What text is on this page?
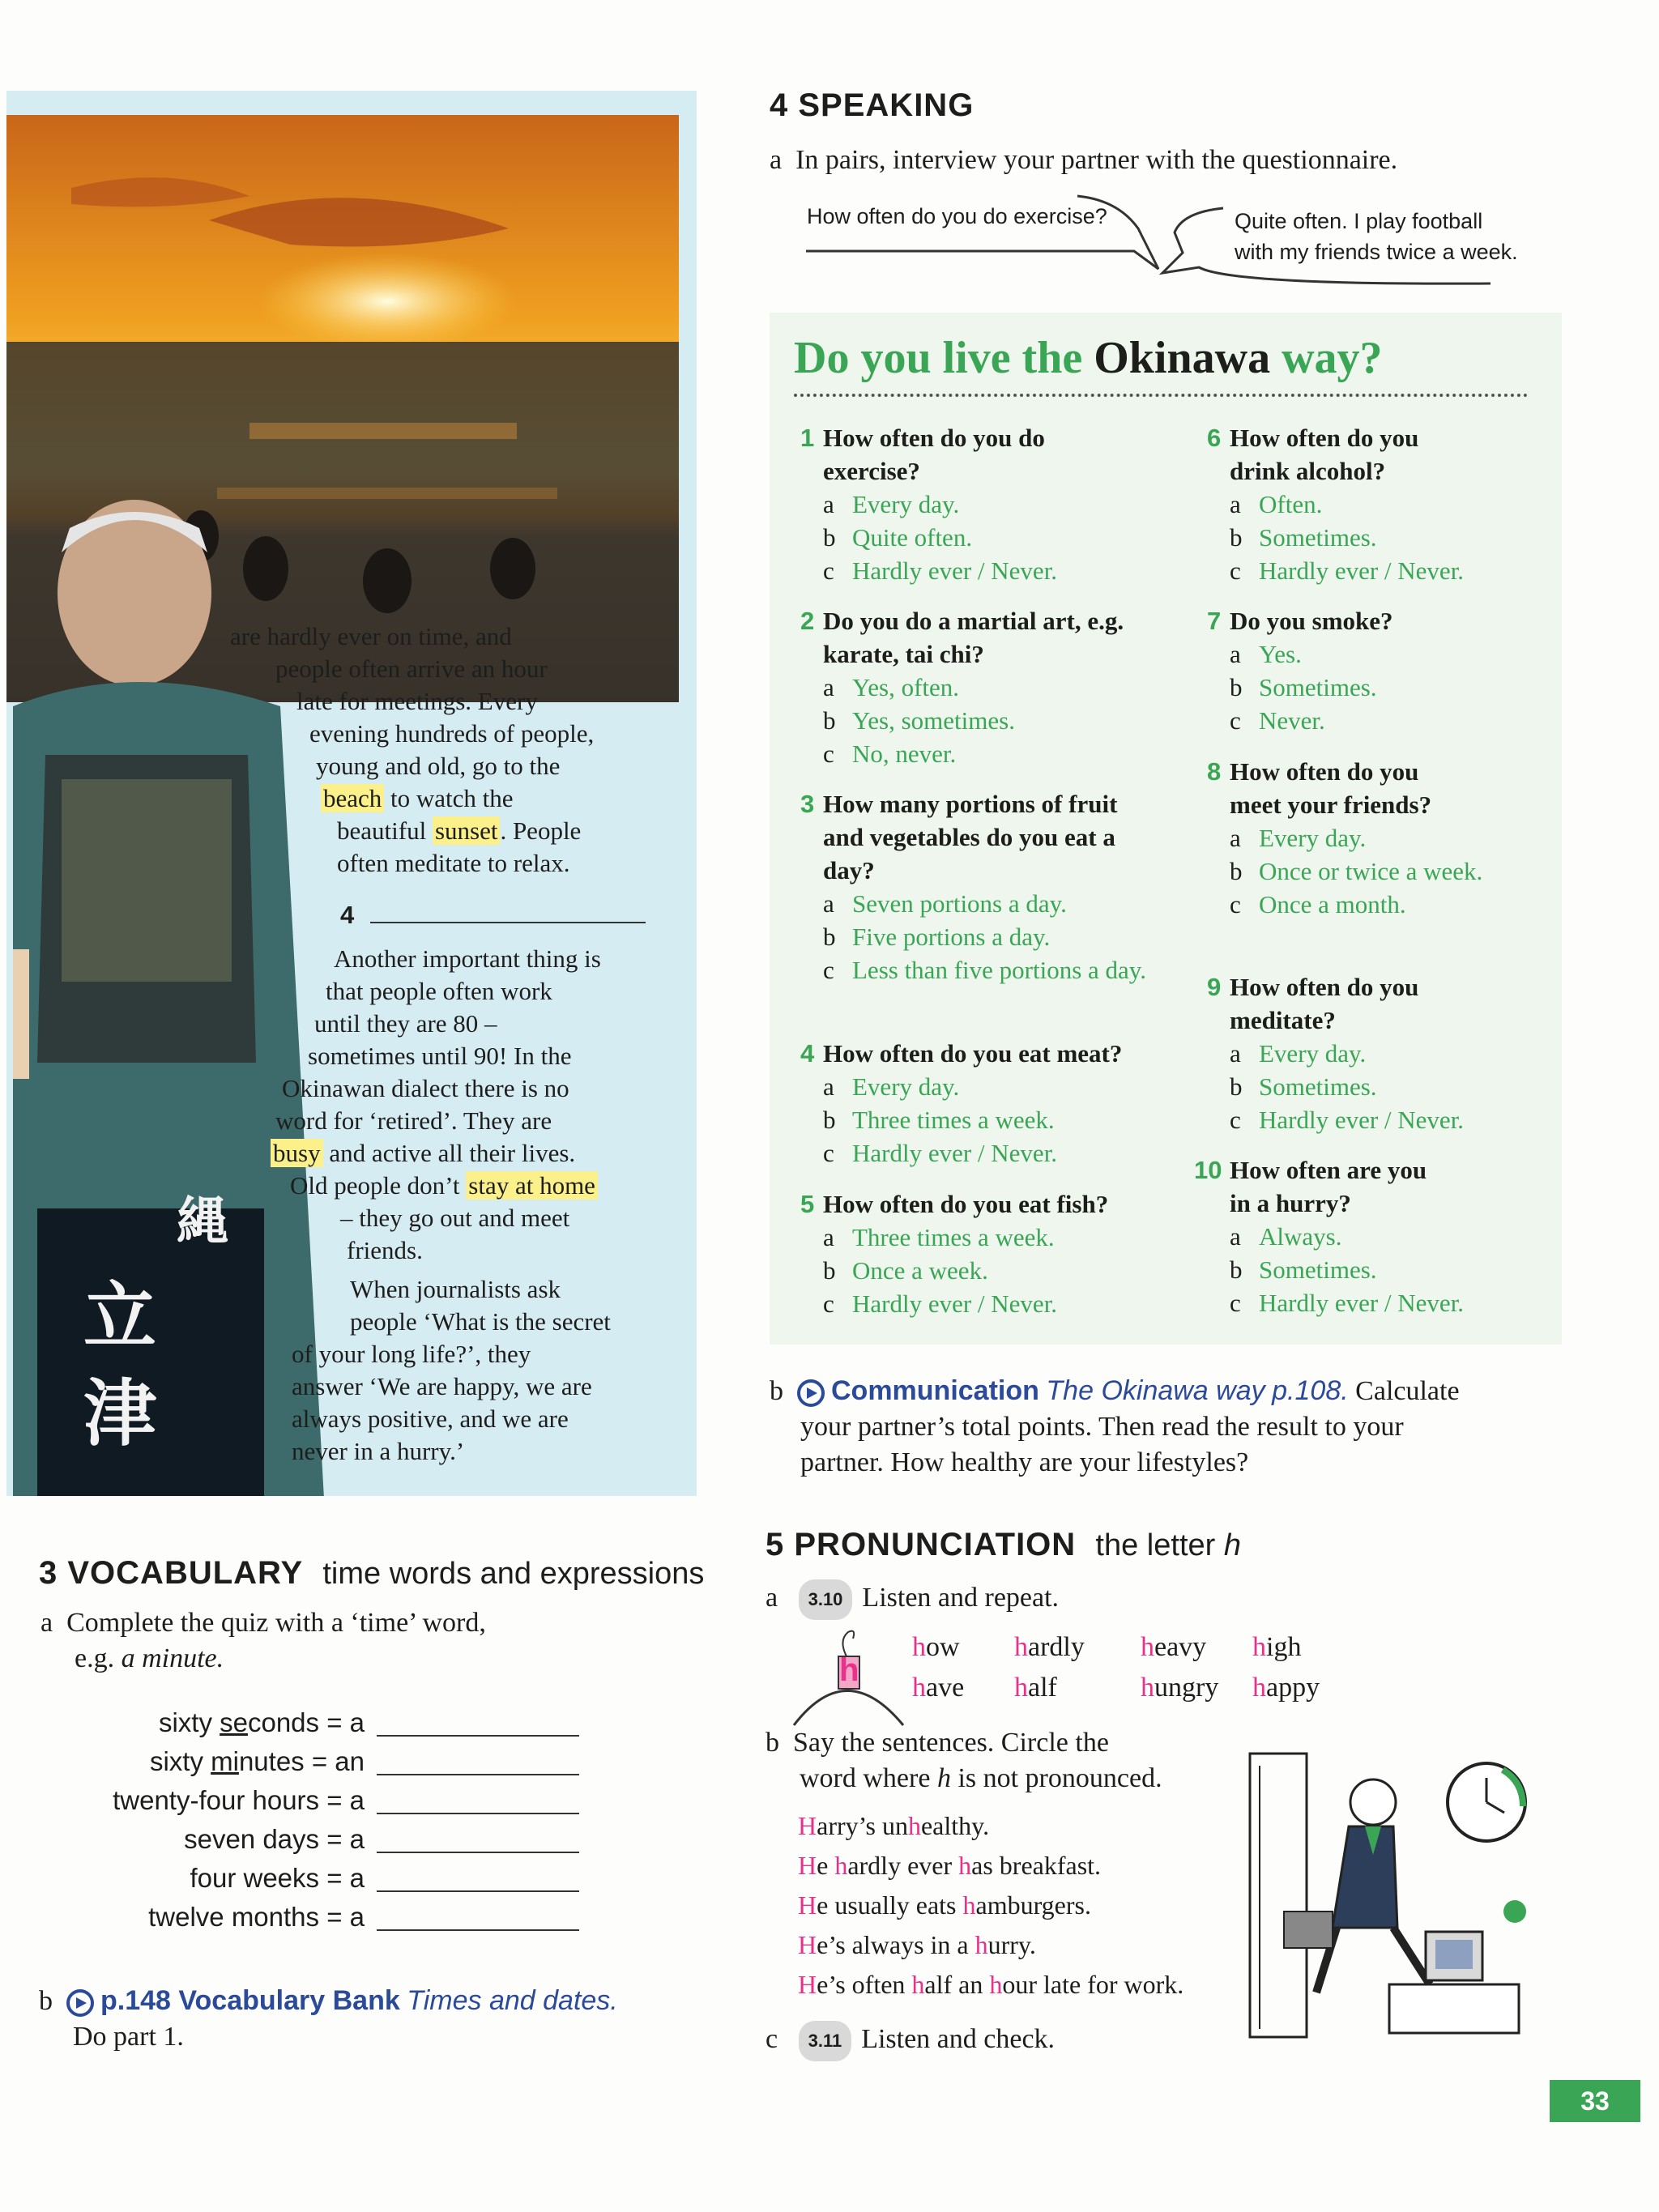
縄
立
津
are hardly ever on time, and
people often arrive an hour
late for meetings. Every
evening hundreds of people,
young and old, go to the
beach to watch the
beautiful sunset. People
often meditate to relax.
4
Another important thing is
that people often work
until they are 80 –
sometimes until 90! In the
Okinawan dialect there is no
word for ‘retired’. They are
busy and active all their lives.
Old people don’t stay at home
– they go out and meet
friends.
When journalists ask
people ‘What is the secret
of your long life?’, they
answer ‘We are happy, we are
always positive, and we are
never in a hurry.’
4 SPEAKING
a In pairs, interview your partner with the questionnaire.
How often do you do exercise?	Quite often. I play football
with my friends twice a week.
Do you live the Okinawa way?
1 How often do you do
exercise?
a Every day.
b Quite often.
c Hardly ever / Never.
2 Do you do a martial art, e.g.
karate, tai chi?
a Yes, often.
b Yes, sometimes.
c No, never.
3 How many portions of fruit
and vegetables do you eat a
day?
a Seven portions a day.
b Five portions a day.
c Less than five portions a day.
4 How often do you eat meat?
a Every day.
b Three times a week.
c Hardly ever / Never.
5 How often do you eat fish?
a Three times a week.
b Once a week.
c Hardly ever / Never.
6 How often do you
drink alcohol?
a Often.
b Sometimes.
c Hardly ever / Never.
7 Do you smoke?
a Yes.
b Sometimes.
c Never.
8 How often do you
meet your friends?
a Every day.
b Once or twice a week.
c Once a month.
9 How often do you
meditate?
a Every day.
b Sometimes.
c Hardly ever / Never.
10 How often are you
in a hurry?
a Always.
b Sometimes.
c Hardly ever / Never.
b Communication The Okinawa way p.108. Calculate
your partner’s total points. Then read the result to your
partner. How healthy are your lifestyles?
3 VOCABULARY time words and expressions
a Complete the quiz with a ‘time’ word,
e.g. a minute.
sixty seconds = a
sixty minutes = an
twenty-four hours = a
seven days = a
four weeks = a
twelve months = a
b p.148 Vocabulary Bank Times and dates.
Do part 1.
5 PRONUNCIATION the letter h
a 3.10 Listen and repeat.
h
how hardly heavy high
have half	hungry happy
b Say the sentences. Circle the
word where h is not pronounced.
Harry’s unhealthy.
He hardly ever has breakfast.
He usually eats hamburgers.
He’s always in a hurry.
He’s often half an hour late for work.
c 3.11 Listen and check.
33
